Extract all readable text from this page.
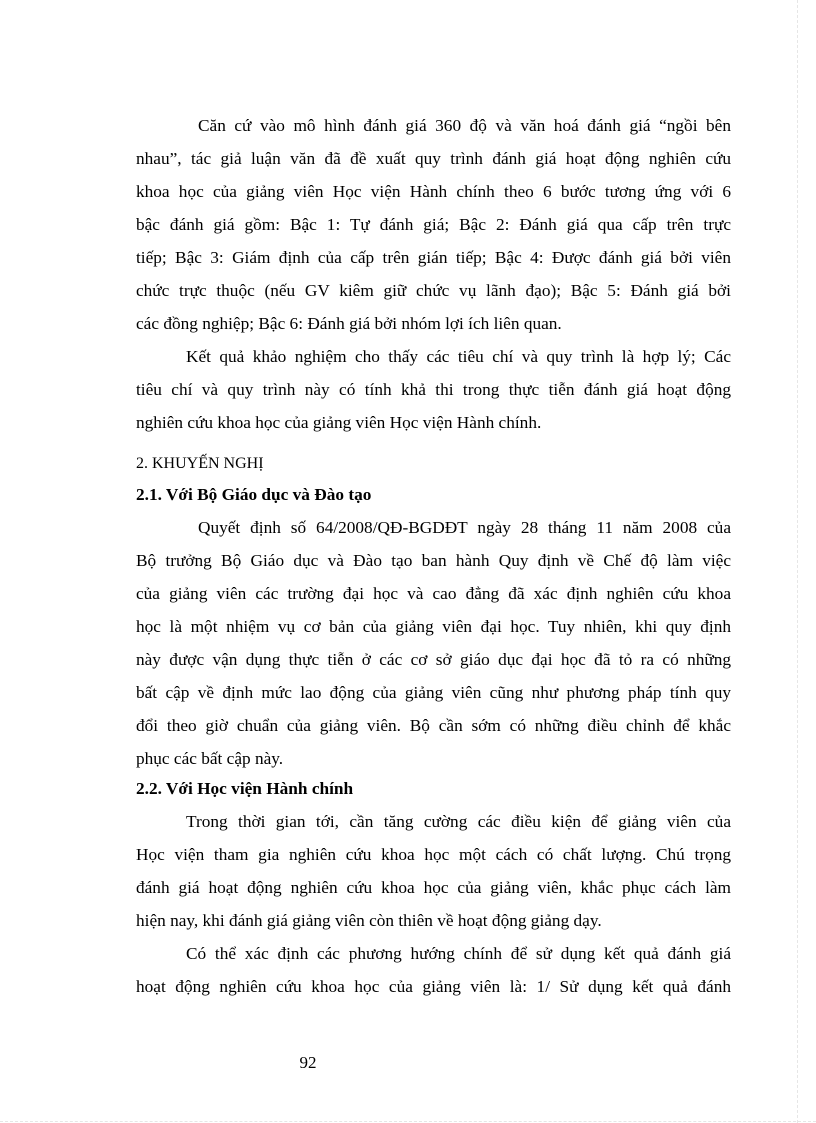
Căn cứ vào mô hình đánh giá 360 độ và văn hoá đánh giá “ngồi bên
nhau”, tác giả luận văn đã đề xuất quy trình đánh giá hoạt động nghiên cứu
khoa học của giảng viên Học viện Hành chính theo 6 bước tương ứng với 6
bậc đánh giá gồm: Bậc 1: Tự đánh giá; Bậc 2: Đánh giá qua cấp trên trực
tiếp; Bậc 3: Giám định của cấp trên gián tiếp; Bậc 4: Được đánh giá bởi viên
chức trực thuộc (nếu GV kiêm giữ chức vụ lãnh đạo); Bậc 5: Đánh giá bởi
các đồng nghiệp; Bậc 6: Đánh giá bởi nhóm lợi ích liên quan.
Kết quả khảo nghiệm cho thấy các tiêu chí và quy trình là hợp lý; Các
tiêu chí và quy trình này có tính khả thi trong thực tiễn đánh giá hoạt động
nghiên cứu khoa học của giảng viên Học viện Hành chính.
2. KHUYẾN NGHỊ
2.1. Với Bộ Giáo dục và Đào tạo
Quyết định số 64/2008/QĐ-BGDĐT ngày 28 tháng 11 năm 2008 của
Bộ trưởng Bộ Giáo dục và Đào tạo ban hành Quy định về Chế độ làm việc
của giảng viên các trường đại học và cao đẳng đã xác định nghiên cứu khoa
học là một nhiệm vụ cơ bản của giảng viên đại học. Tuy nhiên, khi quy định
này được vận dụng thực tiễn ở các cơ sở giáo dục đại học đã tỏ ra có những
bất cập về định mức lao động của giảng viên cũng như phương pháp tính quy
đổi theo giờ chuẩn của giảng viên. Bộ cần sớm có những điều chỉnh để khắc
phục các bất cập này.
2.2. Với Học viện Hành chính
Trong thời gian tới, cần tăng cường các điều kiện để giảng viên của
Học viện tham gia nghiên cứu khoa học một cách có chất lượng. Chú trọng
đánh giá hoạt động nghiên cứu khoa học của giảng viên, khắc phục cách làm
hiện nay, khi đánh giá giảng viên còn thiên về hoạt động giảng dạy.
Có thể xác định các phương hướng chính để sử dụng kết quả đánh giá
hoạt động nghiên cứu khoa học của giảng viên là: 1/ Sử dụng kết quả đánh
92
